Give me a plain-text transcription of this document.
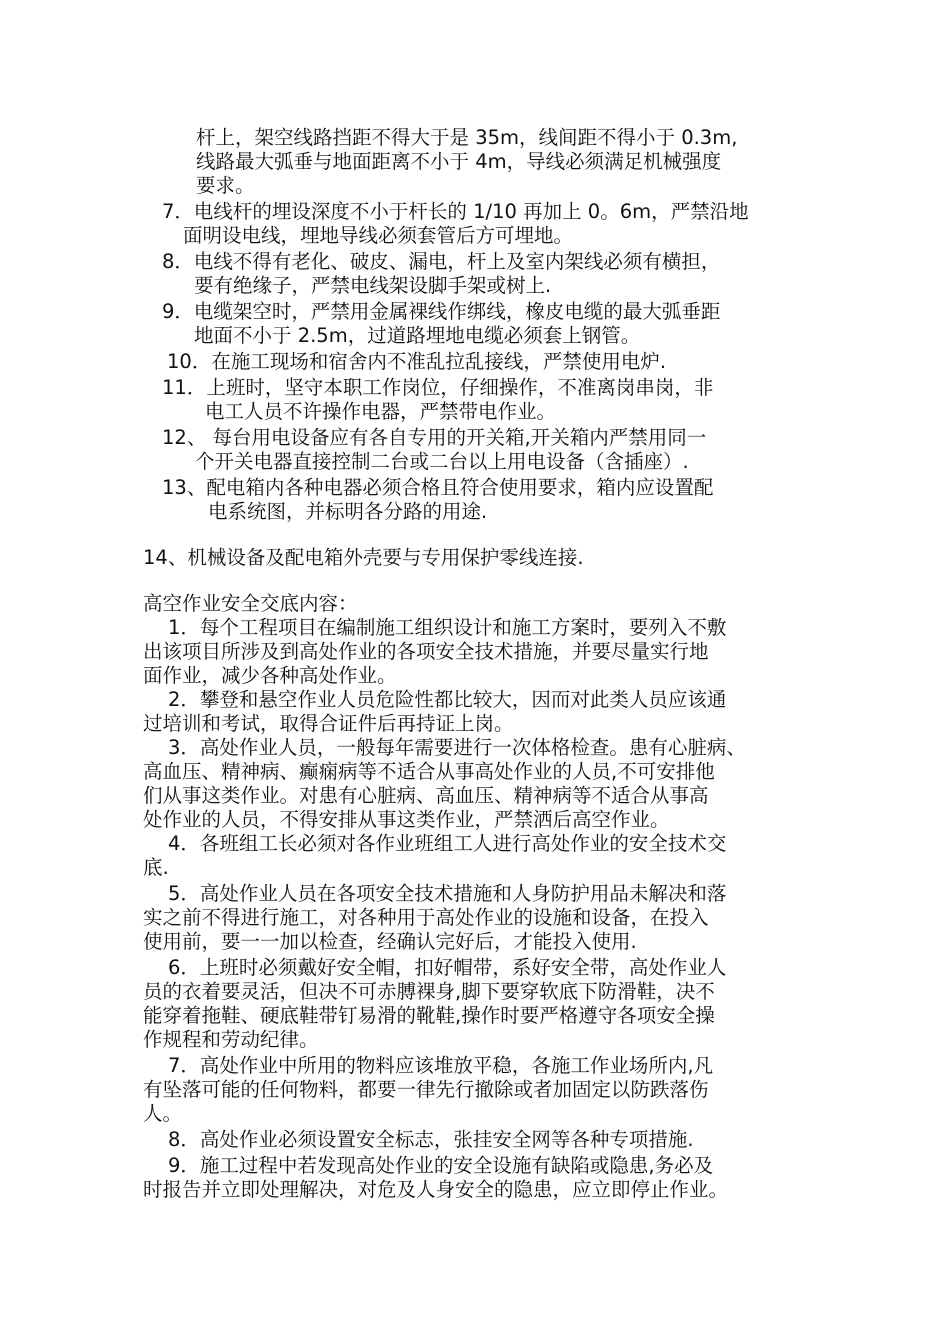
杆上，架空线路挡距不得大于是 35m，线间距不得小于 0.3m,
线路最大弧垂与地面距离不小于 4m，导线必须满足机械强度
要求。
7．电线杆的埋设深度不小于杆长的 1/10 再加上 0。6m，严禁沿地
面明设电线，埋地导线必须套管后方可埋地。
8．电线不得有老化、破皮、漏电，杆上及室内架线必须有横担，
要有绝缘子，严禁电线架设脚手架或树上.
9．电缆架空时，严禁用金属裸线作绑线，橡皮电缆的最大弧垂距
地面不小于 2.5m，过道路埋地电缆必须套上钢管。
10．在施工现场和宿舍内不准乱拉乱接线，严禁使用电炉.
11．上班时，坚守本职工作岗位，仔细操作，不准离岗串岗，非
电工人员不许操作电器，严禁带电作业。
12、 每台用电设备应有各自专用的开关箱,开关箱内严禁用同一
个开关电器直接控制二台或二台以上用电设备（含插座）.
13、配电箱内各种电器必须合格且符合使用要求，箱内应设置配
电系统图，并标明各分路的用途.
14、机械设备及配电箱外壳要与专用保护零线连接.
高空作业安全交底内容：
1．每个工程项目在编制施工组织设计和施工方案时，要列入不敷
出该项目所涉及到高处作业的各项安全技术措施，并要尽量实行地
面作业，减少各种高处作业。
2．攀登和悬空作业人员危险性都比较大，因而对此类人员应该通
过培训和考试，取得合证件后再持证上岗。
3．高处作业人员，一般每年需要进行一次体格检查。患有心脏病、
高血压、精神病、癫痫病等不适合从事高处作业的人员,不可安排他
们从事这类作业。对患有心脏病、高血压、精神病等不适合从事高
处作业的人员，不得安排从事这类作业，严禁洒后高空作业。
4．各班组工长必须对各作业班组工人进行高处作业的安全技术交
底.
5．高处作业人员在各项安全技术措施和人身防护用品未解决和落
实之前不得进行施工，对各种用于高处作业的设施和设备，在投入
使用前，要一一加以检查，经确认完好后，才能投入使用.
6．上班时必须戴好安全帽，扣好帽带，系好安全带，高处作业人
员的衣着要灵活，但决不可赤膊裸身,脚下要穿软底下防滑鞋，决不
能穿着拖鞋、硬底鞋带钉易滑的靴鞋,操作时要严格遵守各项安全操
作规程和劳动纪律。
7．高处作业中所用的物料应该堆放平稳，各施工作业场所内,凡
有坠落可能的任何物料，都要一律先行撤除或者加固定以防跌落伤
人。
8．高处作业必须设置安全标志，张挂安全网等各种专项措施.
9．施工过程中若发现高处作业的安全设施有缺陷或隐患,务必及
时报告并立即处理解决，对危及人身安全的隐患，应立即停止作业。
